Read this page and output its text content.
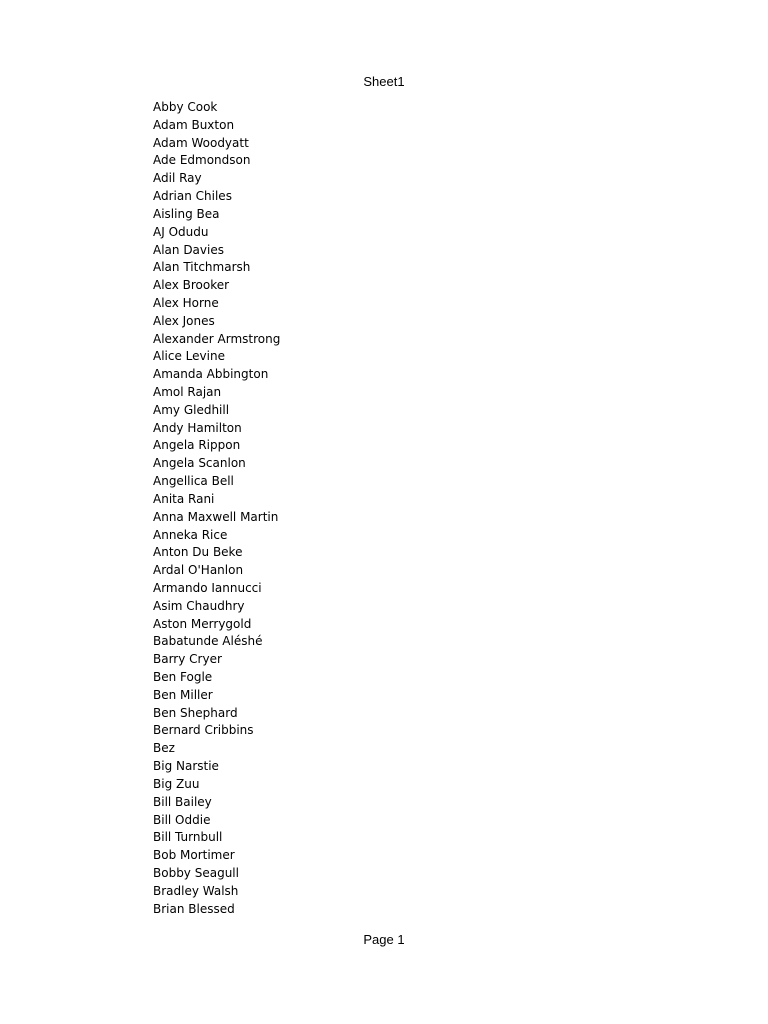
Sheet1
Abby Cook
Adam Buxton
Adam Woodyatt
Ade Edmondson
Adil Ray
Adrian Chiles
Aisling Bea
AJ Odudu
Alan Davies
Alan Titchmarsh
Alex Brooker
Alex Horne
Alex Jones
Alexander Armstrong
Alice Levine
Amanda Abbington
Amol Rajan
Amy Gledhill
Andy Hamilton
Angela Rippon
Angela Scanlon
Angellica Bell
Anita Rani
Anna Maxwell Martin
Anneka Rice
Anton Du Beke
Ardal O'Hanlon
Armando Iannucci
Asim Chaudhry
Aston Merrygold
Babatunde Aléshé
Barry Cryer
Ben Fogle
Ben Miller
Ben Shephard
Bernard Cribbins
Bez
Big Narstie
Big Zuu
Bill Bailey
Bill Oddie
Bill Turnbull
Bob Mortimer
Bobby Seagull
Bradley Walsh
Brian Blessed
Page 1
